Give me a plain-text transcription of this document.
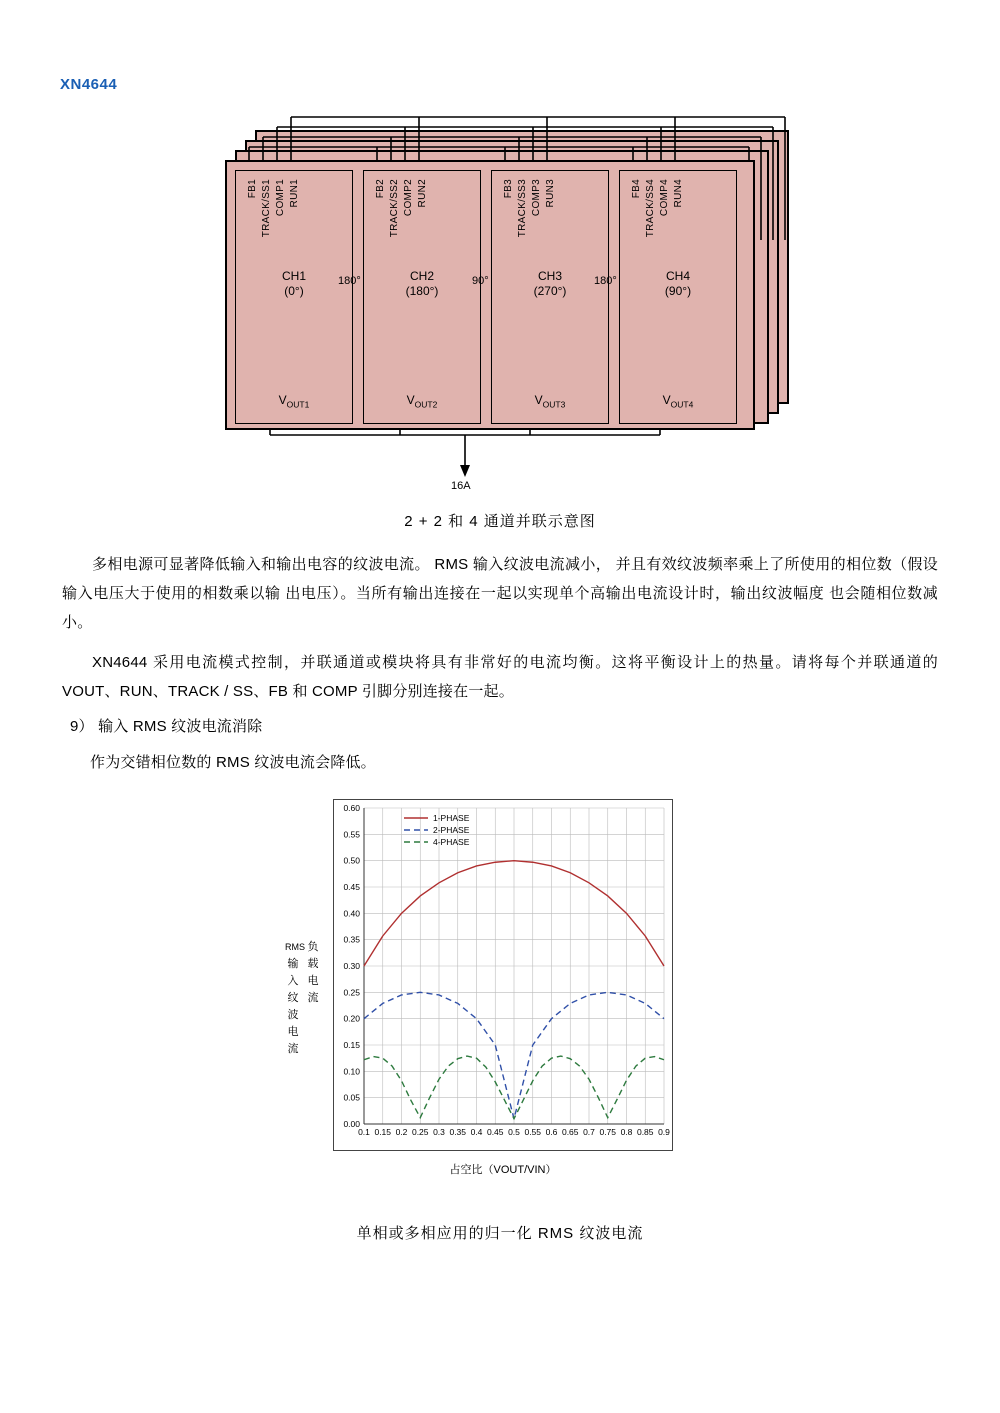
XN4644
FB1 TRACK/SS1 COMP1 RUN1
CH1
(0°)
$V_{OUT1}$
FB2 TRACK/SS2 COMP2 RUN2
CH2
(180°)
$V_{OUT2}$
FB3 TRACK/SS3 COMP3 RUN3
CH3
(270°)
$V_{OUT3}$
FB4 TRACK/SS4 COMP4 RUN4
CH4
(90°)
$V_{OUT4}$
180°	90°	180°
16A
2 + 2 和 4 通道并联示意图
多相电源可显著降低输入和输出电容的纹波电流。 RMS 输入纹波电流减小， 并且有效纹波频率乘上了所使用的相位数（假设输入电压大于使用的相数乘以输 出电压）。当所有输出连接在一起以实现单个高输出电流设计时，输出纹波幅度 也会随相位数减小。
XN4644 采用电流模式控制，并联通道或模块将具有非常好的电流均衡。这将平衡设计上的热量。请将每个并联通道的 VOUT、RUN、TRACK / SS、FB 和 COMP 引脚分别连接在一起。
9） 输入 RMS 纹波电流消除
作为交错相位数的 RMS 纹波电流会降低。
RMS
输入
纹波
电流
负
载
电
流
0.1 0.15 0.2 0.25 0.3 0.35 0.4 0.45 0.5 0.55 0.6 0.65 0.7 0.75 0.8 0.85 0.9
0.00
0.05
0.10
0.15
0.20
0.25
0.30
0.35
0.40
0.45
0.50
0.55
0.60
1-PHASE
2-PHASE
4-PHASE
占空比（VOUT/VIN）
单相或多相应用的归一化 RMS 纹波电流
